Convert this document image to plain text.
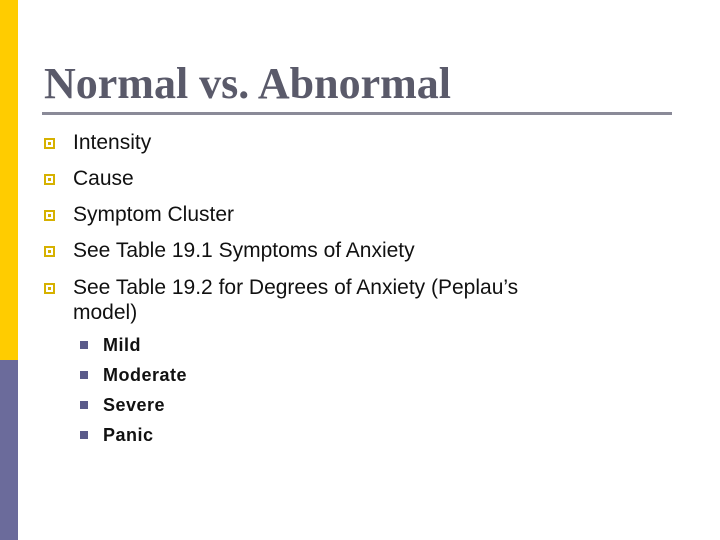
Normal vs. Abnormal
Intensity
Cause
Symptom Cluster
See Table 19.1 Symptoms of Anxiety
See Table 19.2 for Degrees of Anxiety (Peplau’s
model)
Mild
Moderate
Severe
Panic
